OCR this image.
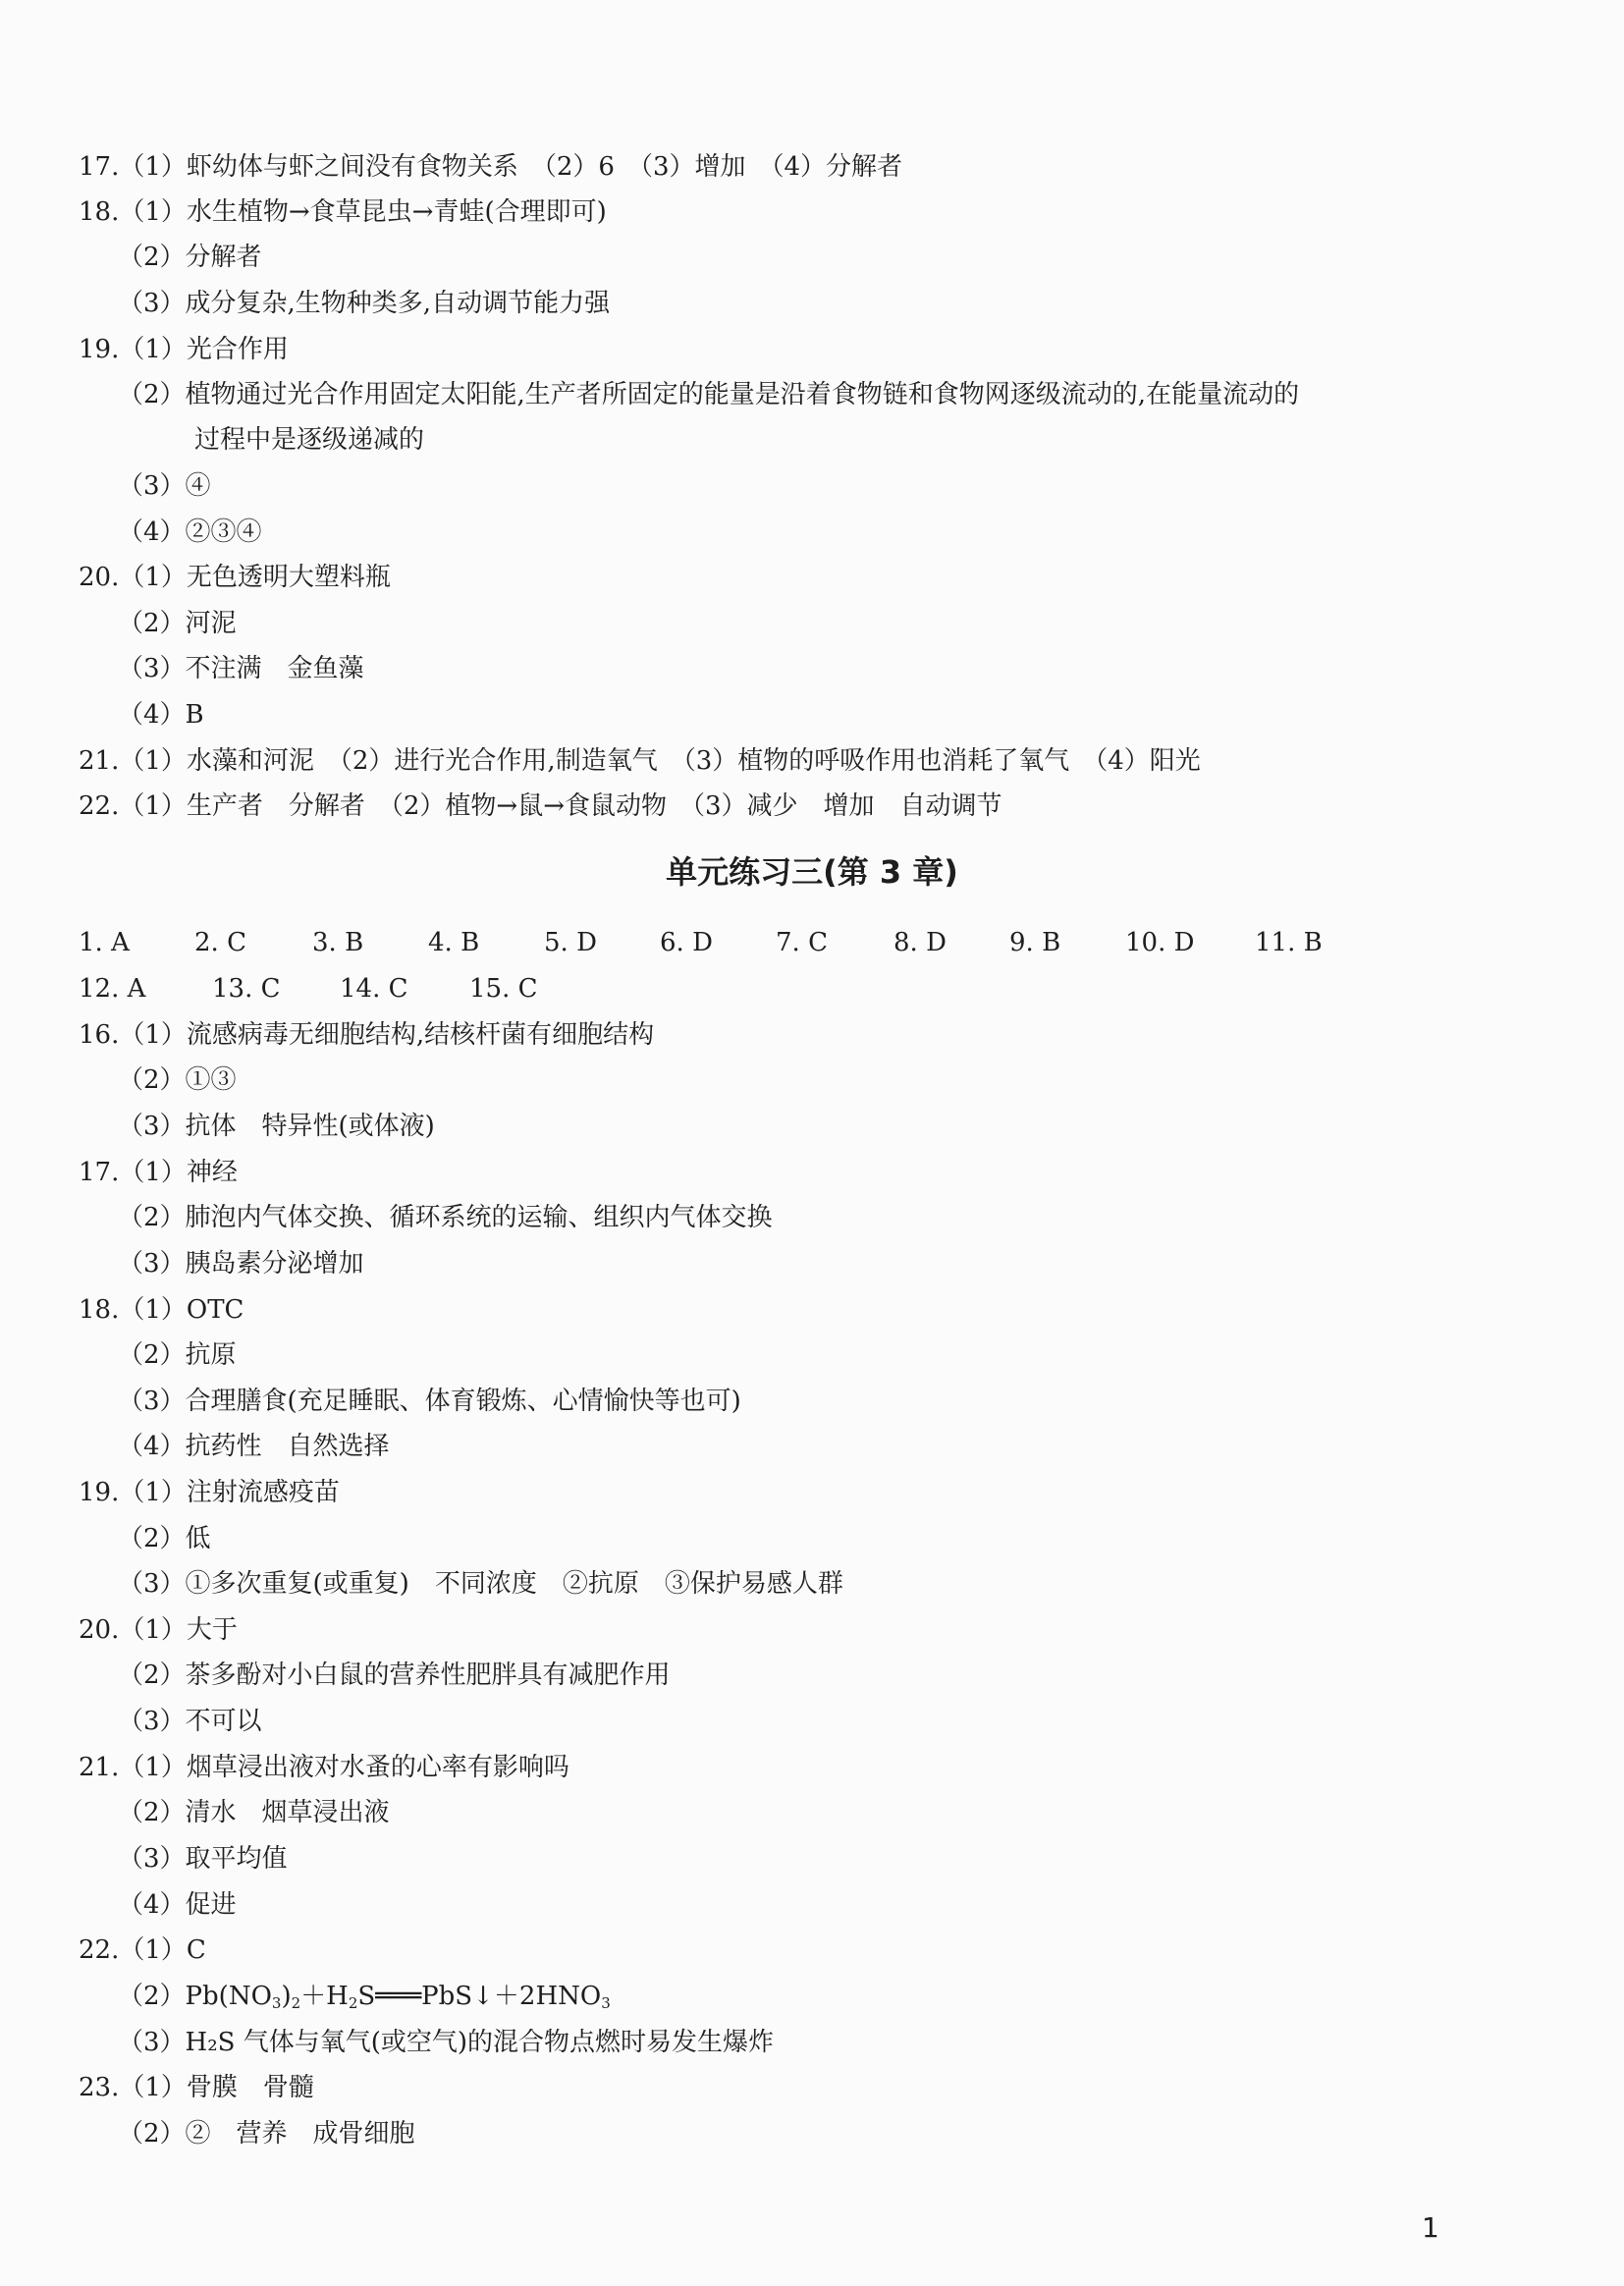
17.（1）虾幼体与虾之间没有食物关系　（2）6　（3）增加　（4）分解者
18.（1）水生植物→食草昆虫→青蛙(合理即可)
（2）分解者
（3）成分复杂,生物种类多,自动调节能力强
19.（1）光合作用
（2）植物通过光合作用固定太阳能,生产者所固定的能量是沿着食物链和食物网逐级流动的,在能量流动的
过程中是逐级递减的
（3）④
（4）②③④
20.（1）无色透明大塑料瓶
（2）河泥
（3）不注满　金鱼藻
（4）B
21.（1）水藻和河泥　（2）进行光合作用,制造氧气　（3）植物的呼吸作用也消耗了氧气　（4）阳光
22.（1）生产者　分解者　（2）植物→鼠→食鼠动物　（3）减少　增加　自动调节
单元练习三(第 3 章)
1. A	2. C	3. B	4. B	5. D 6. D 7. C	8. D 9. B	10. D 11. B
12. A	13. C 14. C 15. C
16.（1）流感病毒无细胞结构,结核杆菌有细胞结构
（2）①③
（3）抗体　特异性(或体液)
17.（1）神经
（2）肺泡内气体交换、循环系统的运输、组织内气体交换
（3）胰岛素分泌增加
18.（1）OTC
（2）抗原
（3）合理膳食(充足睡眠、体育锻炼、心情愉快等也可)
（4）抗药性　自然选择
19.（1）注射流感疫苗
（2）低
（3）①多次重复(或重复)　不同浓度　②抗原　③保护易感人群
20.（1）大于
（2）茶多酚对小白鼠的营养性肥胖具有减肥作用
（3）不可以
21.（1）烟草浸出液对水蚤的心率有影响吗
（2）清水　烟草浸出液
（3）取平均值
（4）促进
22.（1）C
$(2)Pb(NO_3)_2+H_2S═══PbS↓+2HNO_3$
（3）H₂S 气体与氧气(或空气)的混合物点燃时易发生爆炸
23.（1）骨膜　骨髓
（2）②　营养　成骨细胞
1
